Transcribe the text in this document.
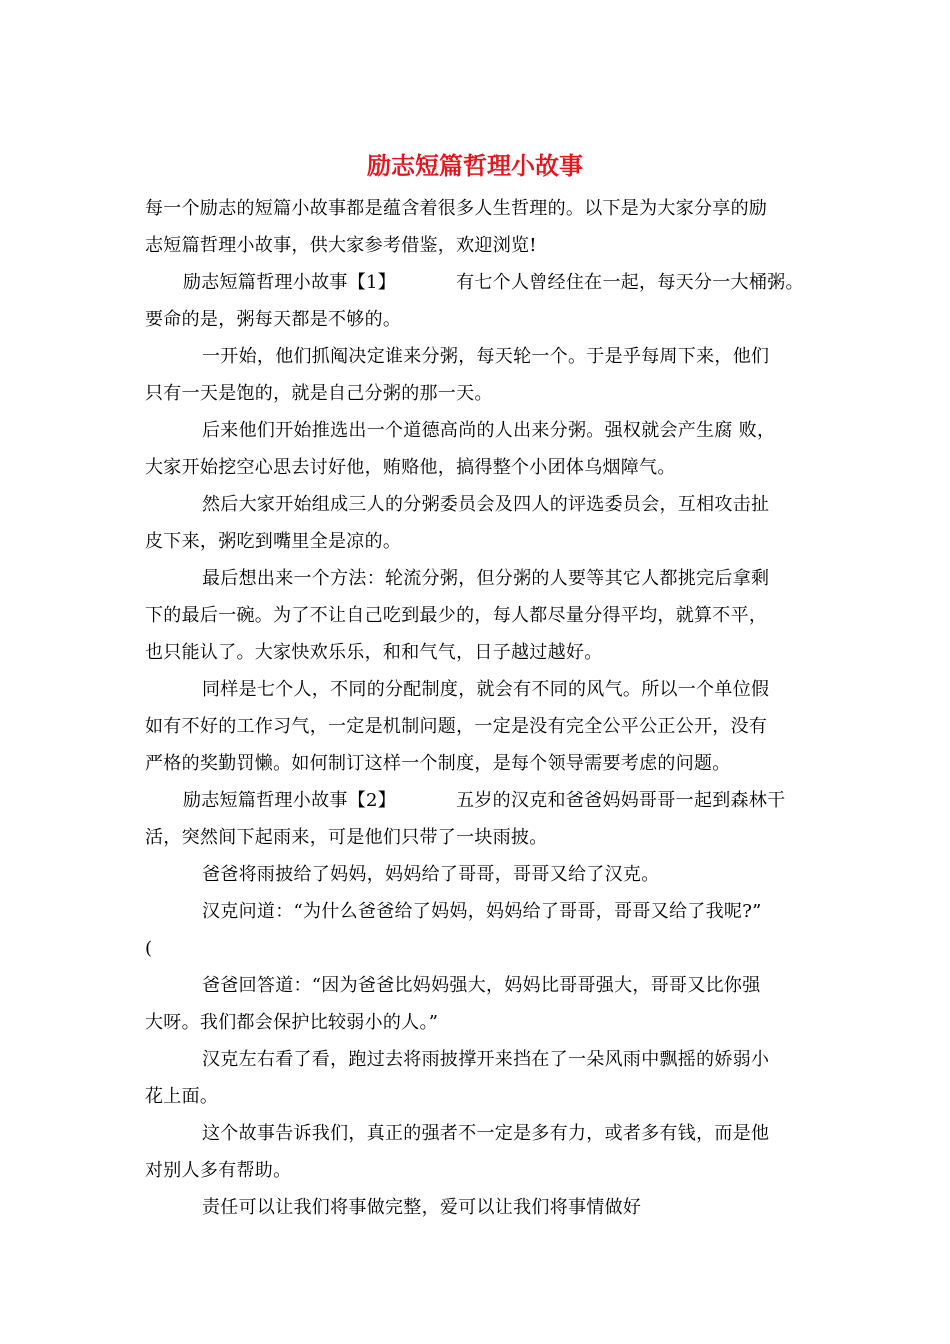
励志短篇哲理小故事
每一个励志的短篇小故事都是蕴含着很多人生哲理的。以下是为大家分享的励
志短篇哲理小故事，供大家参考借鉴，欢迎浏览!
励志短篇哲理小故事【1】	有七个人曾经住在一起，每天分一大桶粥。
要命的是，粥每天都是不够的。
一开始，他们抓阄决定谁来分粥，每天轮一个。于是乎每周下来，他们
只有一天是饱的，就是自己分粥的那一天。
后来他们开始推选出一个道德高尚的人出来分粥。强权就会产生腐 败，
大家开始挖空心思去讨好他，贿赂他，搞得整个小团体乌烟障气。
然后大家开始组成三人的分粥委员会及四人的评选委员会，互相攻击扯
皮下来，粥吃到嘴里全是凉的。
最后想出来一个方法：轮流分粥，但分粥的人要等其它人都挑完后拿剩
下的最后一碗。为了不让自己吃到最少的，每人都尽量分得平均，就算不平，
也只能认了。大家快欢乐乐，和和气气，日子越过越好。
同样是七个人，不同的分配制度，就会有不同的风气。所以一个单位假
如有不好的工作习气，一定是机制问题，一定是没有完全公平公正公开，没有
严格的奖勤罚懒。如何制订这样一个制度，是每个领导需要考虑的问题。
励志短篇哲理小故事【2】	五岁的汉克和爸爸妈妈哥哥一起到森林干
活，突然间下起雨来，可是他们只带了一块雨披。
爸爸将雨披给了妈妈，妈妈给了哥哥，哥哥又给了汉克。
汉克问道：“为什么爸爸给了妈妈，妈妈给了哥哥，哥哥又给了我呢?”
(
爸爸回答道：“因为爸爸比妈妈强大，妈妈比哥哥强大，哥哥又比你强
大呀。我们都会保护比较弱小的人。”
汉克左右看了看，跑过去将雨披撑开来挡在了一朵风雨中飘摇的娇弱小
花上面。
这个故事告诉我们，真正的强者不一定是多有力，或者多有钱，而是他
对别人多有帮助。
责任可以让我们将事做完整，爱可以让我们将事情做好
